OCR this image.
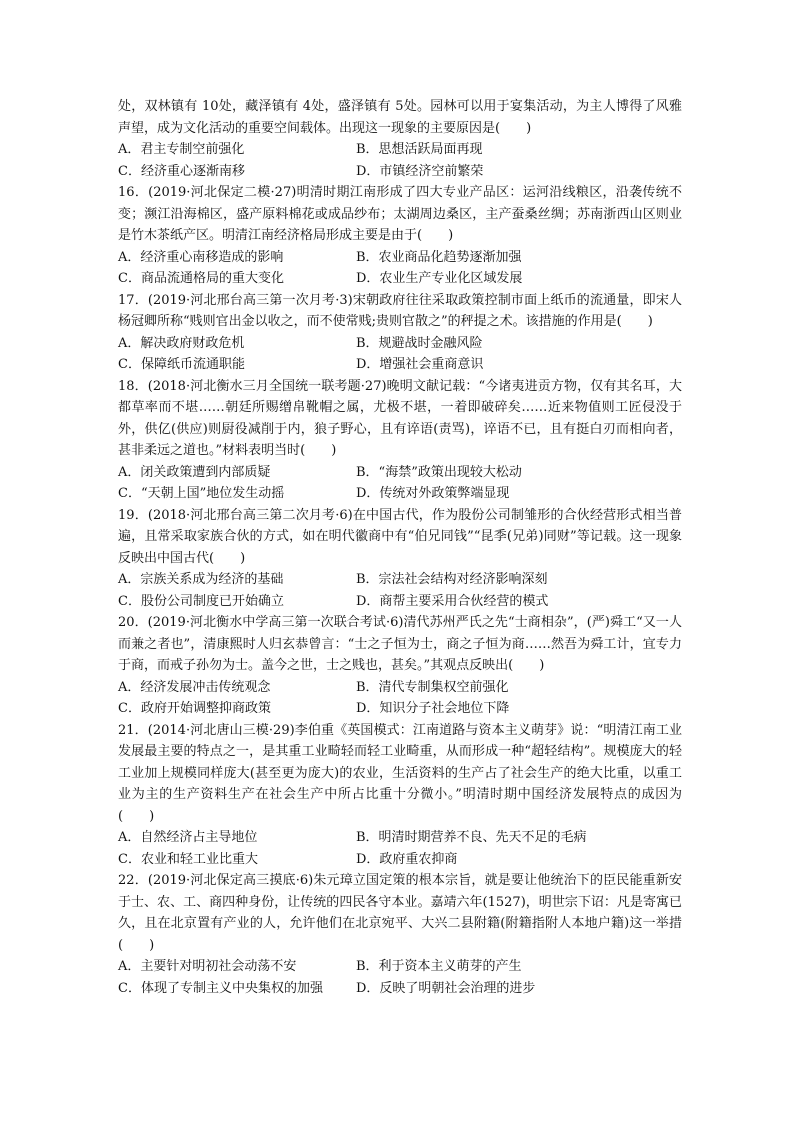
处，双林镇有 10处，藏泽镇有 4处，盛泽镇有 5处。园林可以用于宴集活动，为主人博得了风雅声望，成为文化活动的重要空间载体。出现这一现象的主要原因是(　　)

A．君主专制空前强化	B．思想活跃局面再现
C．经济重心逐渐南移	D．市镇经济空前繁荣

16．(2019·河北保定二模·27)明清时期江南形成了四大专业产品区：运河沿线粮区，沿袭传统不变；濒江沿海棉区，盛产原料棉花或成品纱布；太湖周边桑区，主产蚕桑丝绸；苏南浙西山区则业是竹木茶纸产区。明清江南经济格局形成主要是由于(　　)

A．经济重心南移造成的影响	B．农业商品化趋势逐渐加强
C．商品流通格局的重大变化	D．农业生产专业化区域发展

17．(2019·河北邢台高三第一次月考·3)宋朝政府往往采取政策控制市面上纸币的流通量，即宋人杨冠卿所称“贱则官出金以收之，而不使常贱;贵则官散之”的秤提之术。该措施的作用是(　　)

A．解决政府财政危机	B．规避战时金融风险
C．保障纸币流通职能	D．增强社会重商意识

18．(2018·河北衡水三月全国统一联考题·27)晚明文献记载：“今诸夷进贡方物，仅有其名耳，大都草率而不堪……朝廷所赐缯帛靴帽之属，尤极不堪，一着即破碎矣……近来物值则工匠侵没于外，供亿(供应)则厨役减削于内，狼子野心，且有谇语(责骂)，谇语不已，且有挺白刃而相向者，甚非柔远之道也。”材料表明当时(　　)

A．闭关政策遭到内部质疑	B．“海禁”政策出现较大松动
C．“天朝上国”地位发生动摇	D．传统对外政策弊端显现

19．(2018·河北邢台高三第二次月考·6)在中国古代，作为股份公司制雏形的合伙经营形式相当普遍，且常采取家族合伙的方式，如在明代徽商中有“伯兄同钱”“昆季(兄弟)同财”等记载。这一现象反映出中国古代(　　)

A．宗族关系成为经济的基础	B．宗法社会结构对经济影响深刻
C．股份公司制度已开始确立	D．商帮主要采用合伙经营的模式

20．(2019·河北衡水中学高三第一次联合考试·6)清代苏州严氏之先“士商相杂”，(严)舜工“又一人而兼之者也”，清康熙时人归玄恭曾言：“士之子恒为士，商之子恒为商……然吾为舜工计，宜专力于商，而戒子孙勿为士。盖今之世，士之贱也，甚矣。”其观点反映出(　　)

A．经济发展冲击传统观念	B．清代专制集权空前强化
C．政府开始调整抑商政策	D．知识分子社会地位下降

21．(2014·河北唐山三模·29)李伯重《英国模式：江南道路与资本主义萌芽》说：“明清江南工业发展最主要的特点之一，是其重工业畸轻而轻工业畸重，从而形成一种“超轻结构”。规模庞大的轻工业加上规模同样庞大(甚至更为庞大)的农业，生活资料的生产占了社会生产的绝大比重，以重工业为主的生产资料生产在社会生产中所占比重十分微小。”明清时期中国经济发展特点的成因为(　　)

A．自然经济占主导地位	B．明清时期营养不良、先天不足的毛病
C．农业和轻工业比重大	D．政府重农抑商

22．(2019·河北保定高三摸底·6)朱元璋立国定策的根本宗旨，就是要让他统治下的臣民能重新安于士、农、工、商四种身份，让传统的四民各守本业。嘉靖六年(1527)，明世宗下诏：凡是寄寓已久，且在北京置有产业的人，允许他们在北京宛平、大兴二县附籍(附籍指附人本地户籍)这一举措(　　)

A．主要针对明初社会动荡不安	B．利于资本主义萌芽的产生
C．体现了专制主义中央集权的加强	D．反映了明朝社会治理的进步
